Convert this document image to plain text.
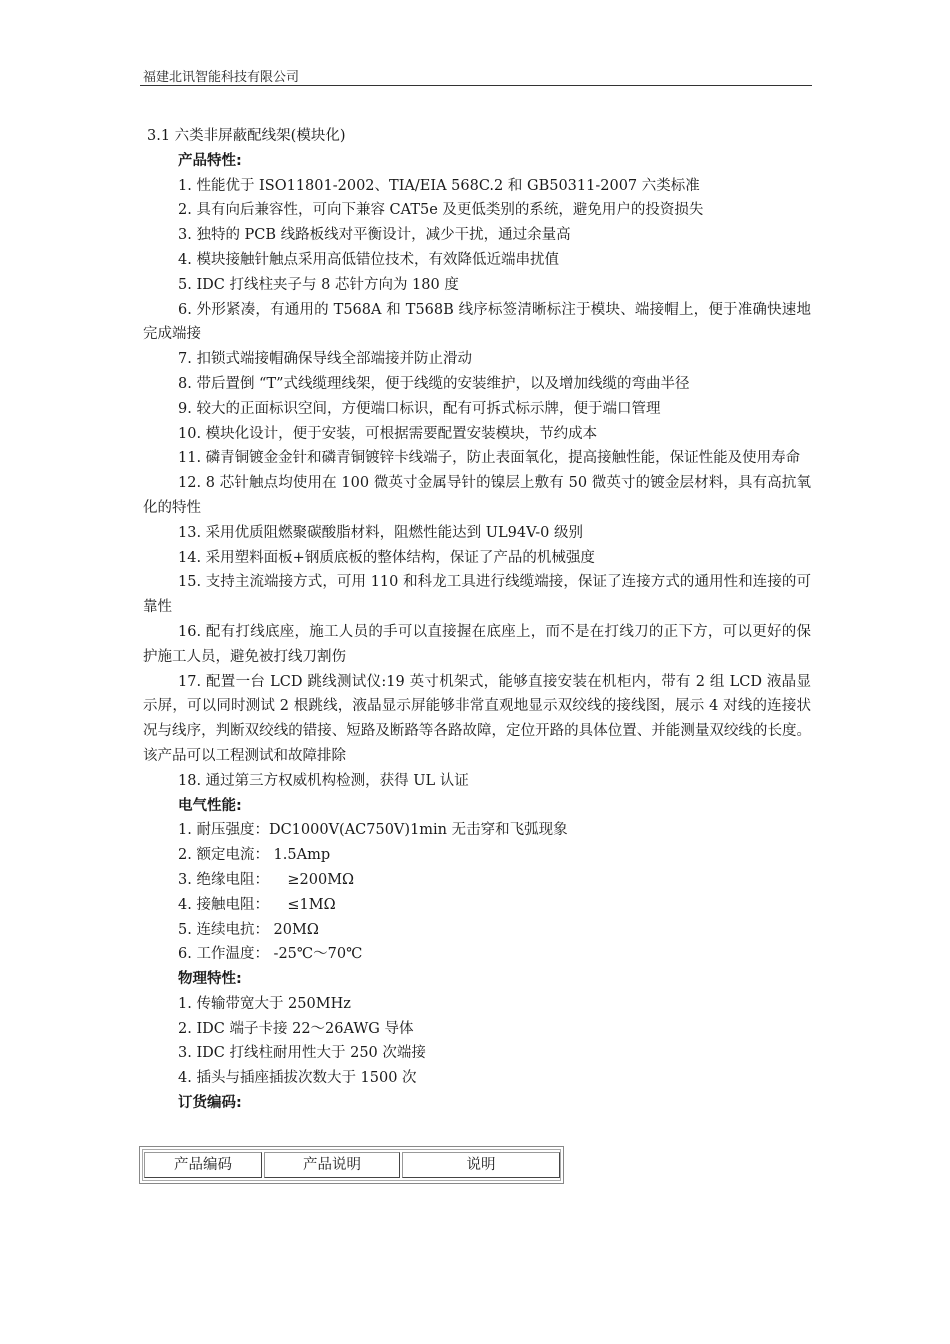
福建北讯智能科技有限公司

3.1 六类非屏蔽配线架(模块化)

产品特性:

1. 性能优于 ISO11801-2002、TIA/EIA 568C.2 和 GB50311-2007 六类标准

2. 具有向后兼容性，可向下兼容 CAT5e 及更低类别的系统，避免用户的投资损失

3. 独特的 PCB 线路板线对平衡设计，减少干扰，通过余量高

4. 模块接触针触点采用高低错位技术，有效降低近端串扰值

5. IDC 打线柱夹子与 8 芯针方向为 180 度

6. 外形紧凑，有通用的 T568A 和 T568B 线序标签清晰标注于模块、端接帽上，便于准确快速地完成端接

7. 扣锁式端接帽确保导线全部端接并防止滑动

8. 带后置倒 “T”式线缆理线架，便于线缆的安装维护，以及增加线缆的弯曲半径

9. 较大的正面标识空间，方便端口标识，配有可拆式标示牌，便于端口管理

10. 模块化设计，便于安装，可根据需要配置安装模块，节约成本

11. 磷青铜镀金金针和磷青铜镀锌卡线端子，防止表面氧化，提高接触性能，保证性能及使用寿命

12. 8 芯针触点均使用在 100 微英寸金属导针的镍层上敷有 50 微英寸的镀金层材料，具有高抗氧化的特性

13. 采用优质阻燃聚碳酸脂材料，阻燃性能达到 UL94V-0 级别

14. 采用塑料面板+钢质底板的整体结构，保证了产品的机械强度

15. 支持主流端接方式，可用 110 和科龙工具进行线缆端接，保证了连接方式的通用性和连接的可靠性

16. 配有打线底座，施工人员的手可以直接握在底座上，而不是在打线刀的正下方，可以更好的保护施工人员，避免被打线刀割伤

17. 配置一台 LCD 跳线测试仪:19 英寸机架式，能够直接安装在机柜内，带有 2 组 LCD 液晶显示屏，可以同时测试 2 根跳线，液晶显示屏能够非常直观地显示双绞线的接线图，展示 4 对线的连接状况与线序，判断双绞线的错接、短路及断路等各路故障，定位开路的具体位置、并能测量双绞线的长度。该产品可以工程测试和故障排除

18. 通过第三方权威机构检测，获得 UL 认证

电气性能:

1. 耐压强度：DC1000V(AC750V)1min 无击穿和飞弧现象

2. 额定电流： 1.5Amp

3. 绝缘电阻：    ≥200MΩ

4. 接触电阻：    ≤1MΩ

5. 连续电抗： 20MΩ

6. 工作温度： -25℃～70℃

物理特性:

1. 传输带宽大于 250MHz

2. IDC 端子卡接 22～26AWG 导体

3. IDC 打线柱耐用性大于 250 次端接

4. 插头与插座插拔次数大于 1500 次

订货编码:

产品编码	产品说明	说明
